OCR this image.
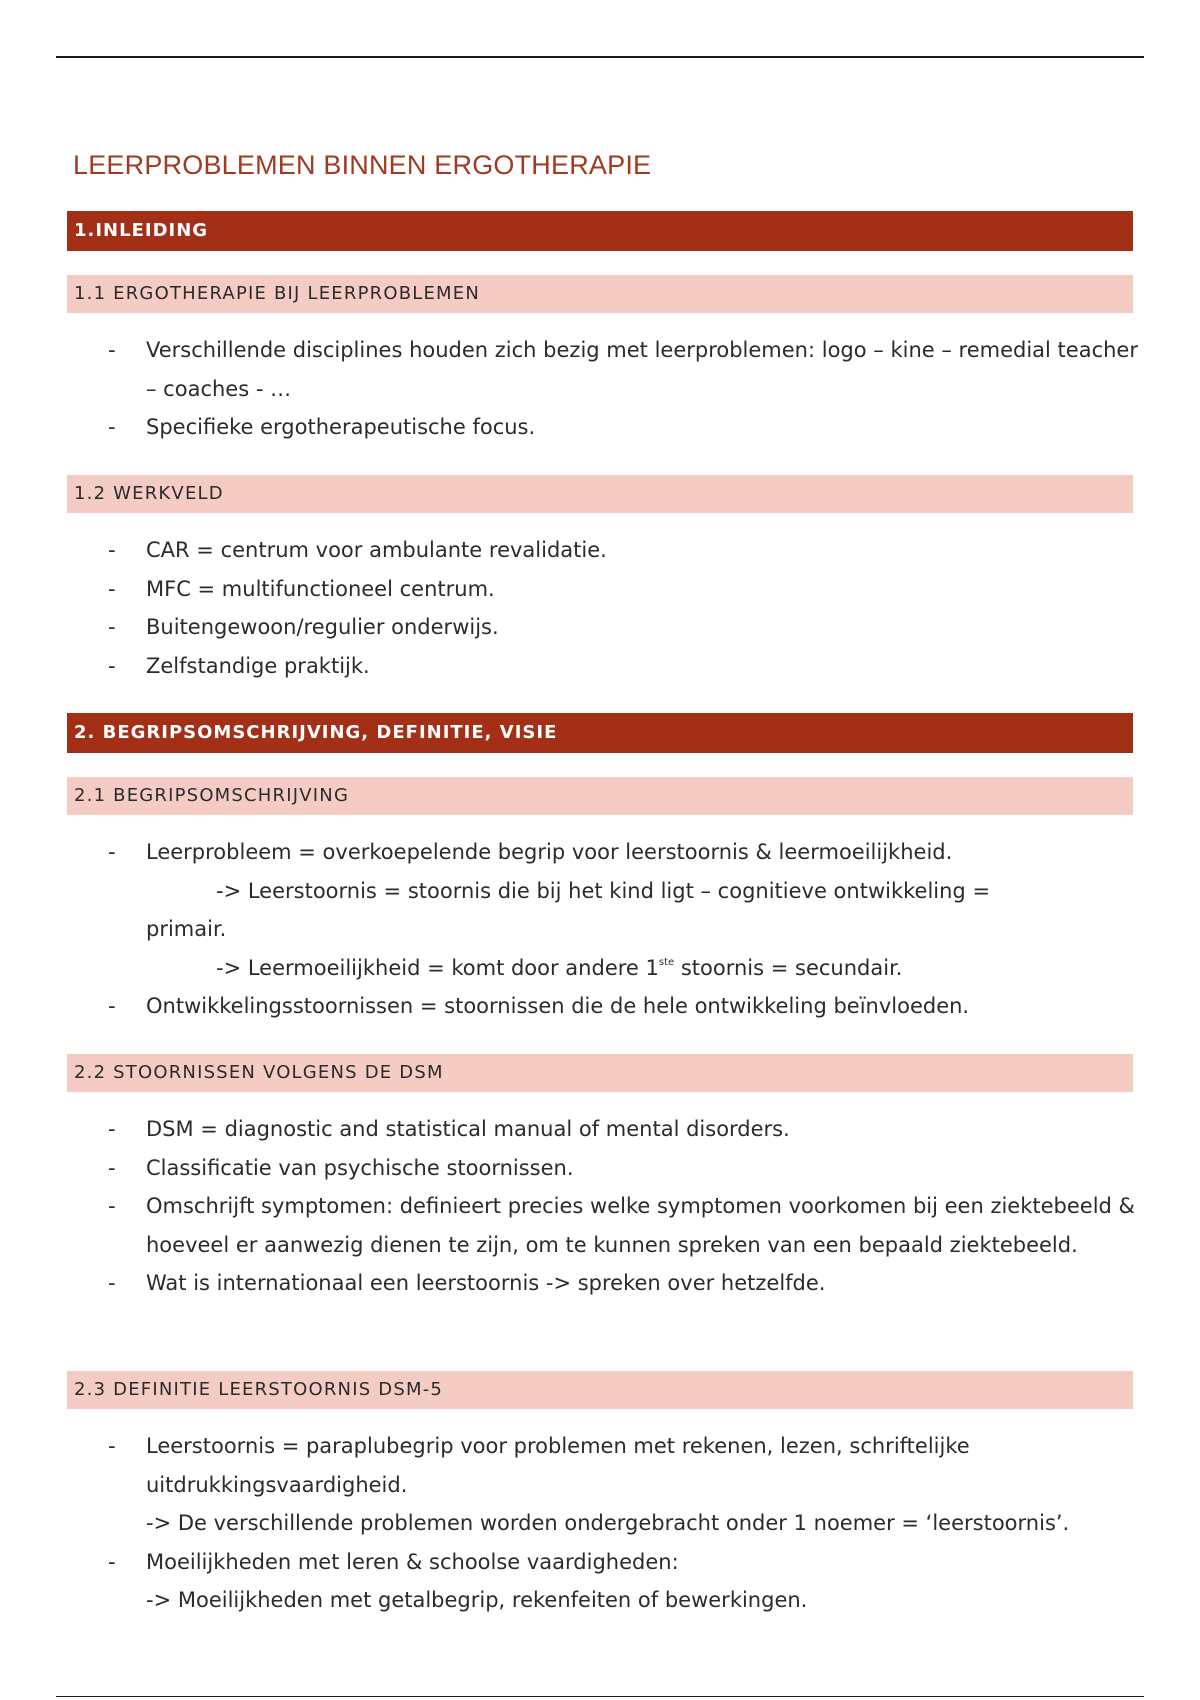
LEERPROBLEMEN BINNEN ERGOTHERAPIE
1.INLEIDING
1.1 ERGOTHERAPIE BIJ LEERPROBLEMEN
- Verschillende disciplines houden zich bezig met leerproblemen: logo – kine – remedial teacher – coaches - …
- Specifieke ergotherapeutische focus.
1.2 WERKVELD
- CAR = centrum voor ambulante revalidatie.
- MFC = multifunctioneel centrum.
- Buitengewoon/regulier onderwijs.
- Zelfstandige praktijk.
2. BEGRIPSOMSCHRIJVING, DEFINITIE, VISIE
2.1 BEGRIPSOMSCHRIJVING
- Leerprobleem = overkoepelende begrip voor leerstoornis & leermoeilijkheid.
-> Leerstoornis = stoornis die bij het kind ligt – cognitieve ontwikkeling =
primair.
-> Leermoeilijkheid = komt door andere 1ste stoornis = secundair.
- Ontwikkelingsstoornissen = stoornissen die de hele ontwikkeling beïnvloeden.
2.2 STOORNISSEN VOLGENS DE DSM
- DSM = diagnostic and statistical manual of mental disorders.
- Classificatie van psychische stoornissen.
- Omschrijft symptomen: definieert precies welke symptomen voorkomen bij een ziektebeeld & hoeveel er aanwezig dienen te zijn, om te kunnen spreken van een bepaald ziektebeeld.
- Wat is internationaal een leerstoornis -> spreken over hetzelfde.
2.3 DEFINITIE LEERSTOORNIS DSM-5
- Leerstoornis = paraplubegrip voor problemen met rekenen, lezen, schriftelijke uitdrukkingsvaardigheid.
-> De verschillende problemen worden ondergebracht onder 1 noemer = ‘leerstoornis’.
- Moeilijkheden met leren & schoolse vaardigheden:
-> Moeilijkheden met getalbegrip, rekenfeiten of bewerkingen.
